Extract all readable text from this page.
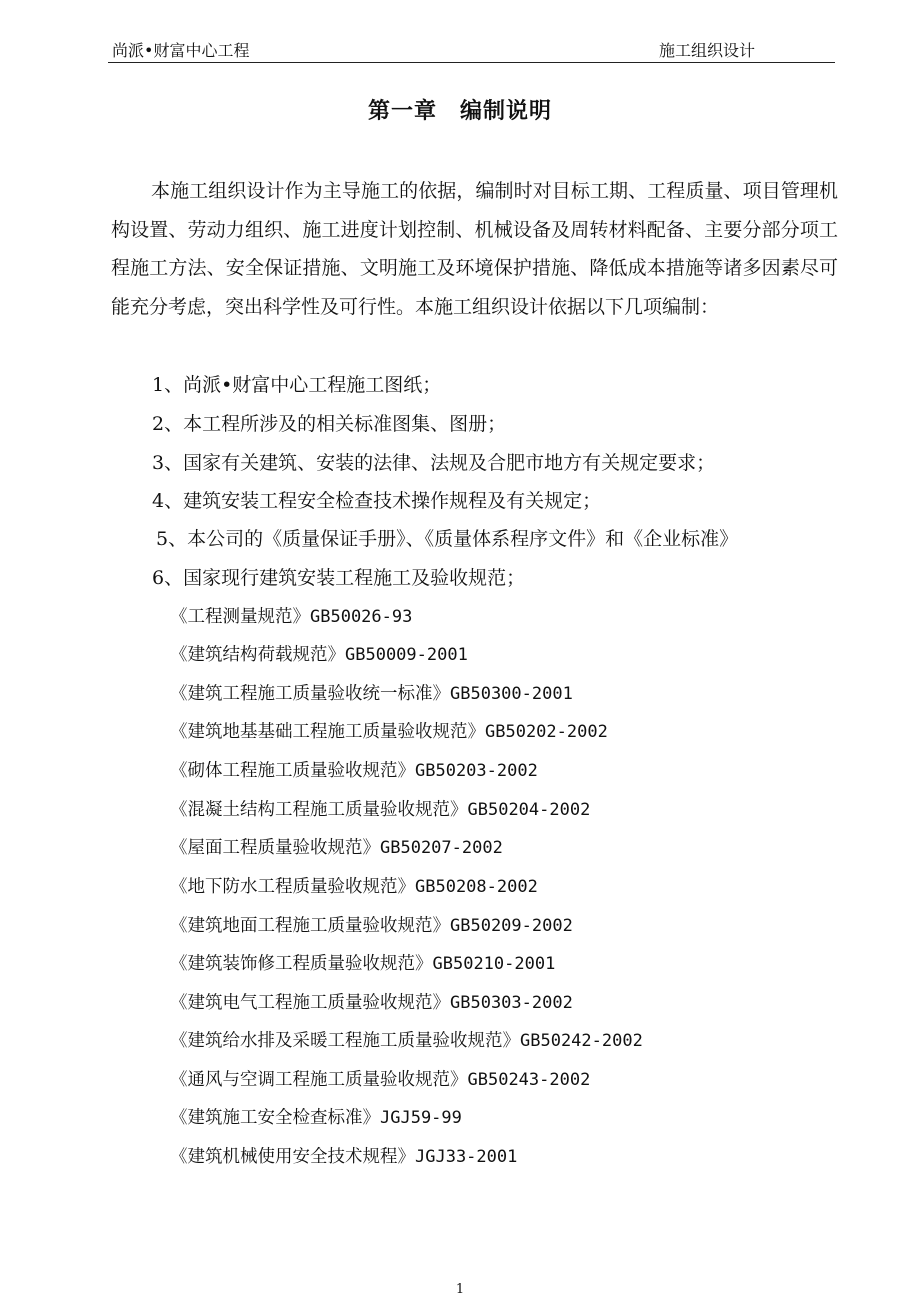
尚派•财富中心工程	施工组织设计
第一章　编制说明

本施工组织设计作为主导施工的依据，编制时对目标工期、工程质量、项目管理机构设置、劳动力组织、施工进度计划控制、机械设备及周转材料配备、主要分部分项工程施工方法、安全保证措施、文明施工及环境保护措施、降低成本措施等诸多因素尽可能充分考虑，突出科学性及可行性。本施工组织设计依据以下几项编制：

1、尚派•财富中心工程施工图纸；
2、本工程所涉及的相关标准图集、图册；
3、国家有关建筑、安装的法律、法规及合肥市地方有关规定要求；
4、建筑安装工程安全检查技术操作规程及有关规定；
5、本公司的《质量保证手册》、《质量体系程序文件》和《企业标准》
6、国家现行建筑安装工程施工及验收规范；
《工程测量规范》GB50026-93
《建筑结构荷载规范》GB50009-2001
《建筑工程施工质量验收统一标准》GB50300-2001
《建筑地基基础工程施工质量验收规范》GB50202-2002
《砌体工程施工质量验收规范》GB50203-2002
《混凝土结构工程施工质量验收规范》GB50204-2002
《屋面工程质量验收规范》GB50207-2002
《地下防水工程质量验收规范》GB50208-2002
《建筑地面工程施工质量验收规范》GB50209-2002
《建筑装饰修工程质量验收规范》GB50210-2001
《建筑电气工程施工质量验收规范》GB50303-2002
《建筑给水排及采暖工程施工质量验收规范》GB50242-2002
《通风与空调工程施工质量验收规范》GB50243-2002
《建筑施工安全检查标准》JGJ59-99
《建筑机械使用安全技术规程》JGJ33-2001
1
